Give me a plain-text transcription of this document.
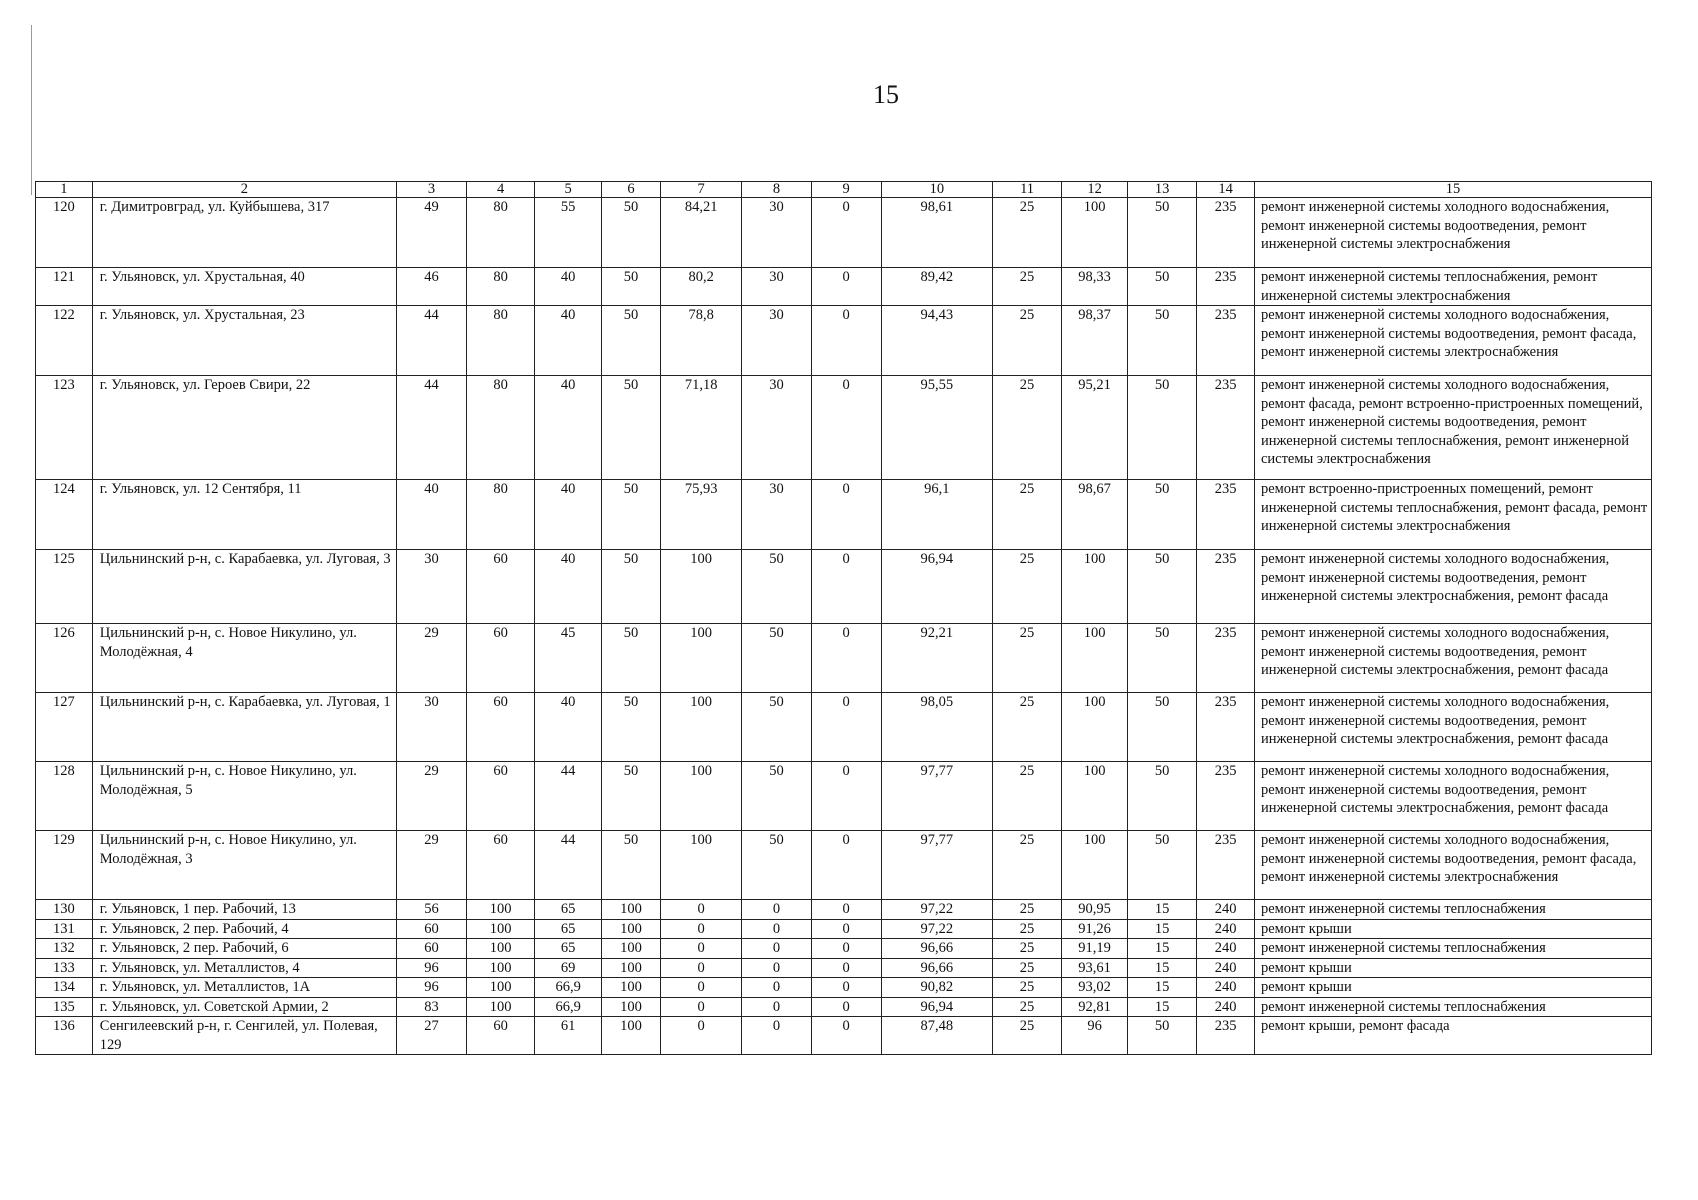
15
1	2	3	4	5	6	7	8	9	10	11	12	13	14	15
120	г. Димитровград, ул. Куйбышева, 317	49	80	55	50	84,21	30	0	98,61	25	100	50	235	ремонт инженерной системы холодного водоснабжения, ремонт инженерной системы водоотведения, ремонт инженерной системы электроснабжения
121	г. Ульяновск, ул. Хрустальная, 40	46	80	40	50	80,2	30	0	89,42	25	98,33	50	235	ремонт инженерной системы теплоснабжения, ремонт инженерной системы электроснабжения
122	г. Ульяновск, ул. Хрустальная, 23	44	80	40	50	78,8	30	0	94,43	25	98,37	50	235	ремонт инженерной системы холодного водоснабжения, ремонт инженерной системы водоотведения, ремонт фасада, ремонт инженерной системы электроснабжения
123	г. Ульяновск, ул. Героев Свири, 22	44	80	40	50	71,18	30	0	95,55	25	95,21	50	235	ремонт инженерной системы холодного водоснабжения, ремонт фасада, ремонт встроенно-пристроенных помещений, ремонт инженерной системы водоотведения, ремонт инженерной системы теплоснабжения, ремонт инженерной системы электроснабжения
124	г. Ульяновск, ул. 12 Сентября, 11	40	80	40	50	75,93	30	0	96,1	25	98,67	50	235	ремонт встроенно-пристроенных помещений, ремонт инженерной системы теплоснабжения, ремонт фасада, ремонт инженерной системы электроснабжения
125	Цильнинский р-н, с. Карабаевка, ул. Луговая, 3	30	60	40	50	100	50	0	96,94	25	100	50	235	ремонт инженерной системы холодного водоснабжения, ремонт инженерной системы водоотведения, ремонт инженерной системы электроснабжения, ремонт фасада
126	Цильнинский р-н, с. Новое Никулино, ул. Молодёжная, 4	29	60	45	50	100	50	0	92,21	25	100	50	235	ремонт инженерной системы холодного водоснабжения, ремонт инженерной системы водоотведения, ремонт инженерной системы электроснабжения, ремонт фасада
127	Цильнинский р-н, с. Карабаевка, ул. Луговая, 1	30	60	40	50	100	50	0	98,05	25	100	50	235	ремонт инженерной системы холодного водоснабжения, ремонт инженерной системы водоотведения, ремонт инженерной системы электроснабжения, ремонт фасада
128	Цильнинский р-н, с. Новое Никулино, ул. Молодёжная, 5	29	60	44	50	100	50	0	97,77	25	100	50	235	ремонт инженерной системы холодного водоснабжения, ремонт инженерной системы водоотведения, ремонт инженерной системы электроснабжения, ремонт фасада
129	Цильнинский р-н, с. Новое Никулино, ул. Молодёжная, 3	29	60	44	50	100	50	0	97,77	25	100	50	235	ремонт инженерной системы холодного водоснабжения, ремонт инженерной системы водоотведения, ремонт фасада, ремонт инженерной системы электроснабжения
130	г. Ульяновск, 1 пер. Рабочий, 13	56	100	65	100	0	0	0	97,22	25	90,95	15	240	ремонт инженерной системы теплоснабжения
131	г. Ульяновск, 2 пер. Рабочий, 4	60	100	65	100	0	0	0	97,22	25	91,26	15	240	ремонт крыши
132	г. Ульяновск, 2 пер. Рабочий, 6	60	100	65	100	0	0	0	96,66	25	91,19	15	240	ремонт инженерной системы теплоснабжения
133	г. Ульяновск, ул. Металлистов, 4	96	100	69	100	0	0	0	96,66	25	93,61	15	240	ремонт крыши
134	г. Ульяновск, ул. Металлистов, 1А	96	100	66,9	100	0	0	0	90,82	25	93,02	15	240	ремонт крыши
135	г. Ульяновск, ул. Советской Армии, 2	83	100	66,9	100	0	0	0	96,94	25	92,81	15	240	ремонт инженерной системы теплоснабжения
136	Сенгилеевский р-н, г. Сенгилей, ул. Полевая, 129	27	60	61	100	0	0	0	87,48	25	96	50	235	ремонт крыши, ремонт фасада
